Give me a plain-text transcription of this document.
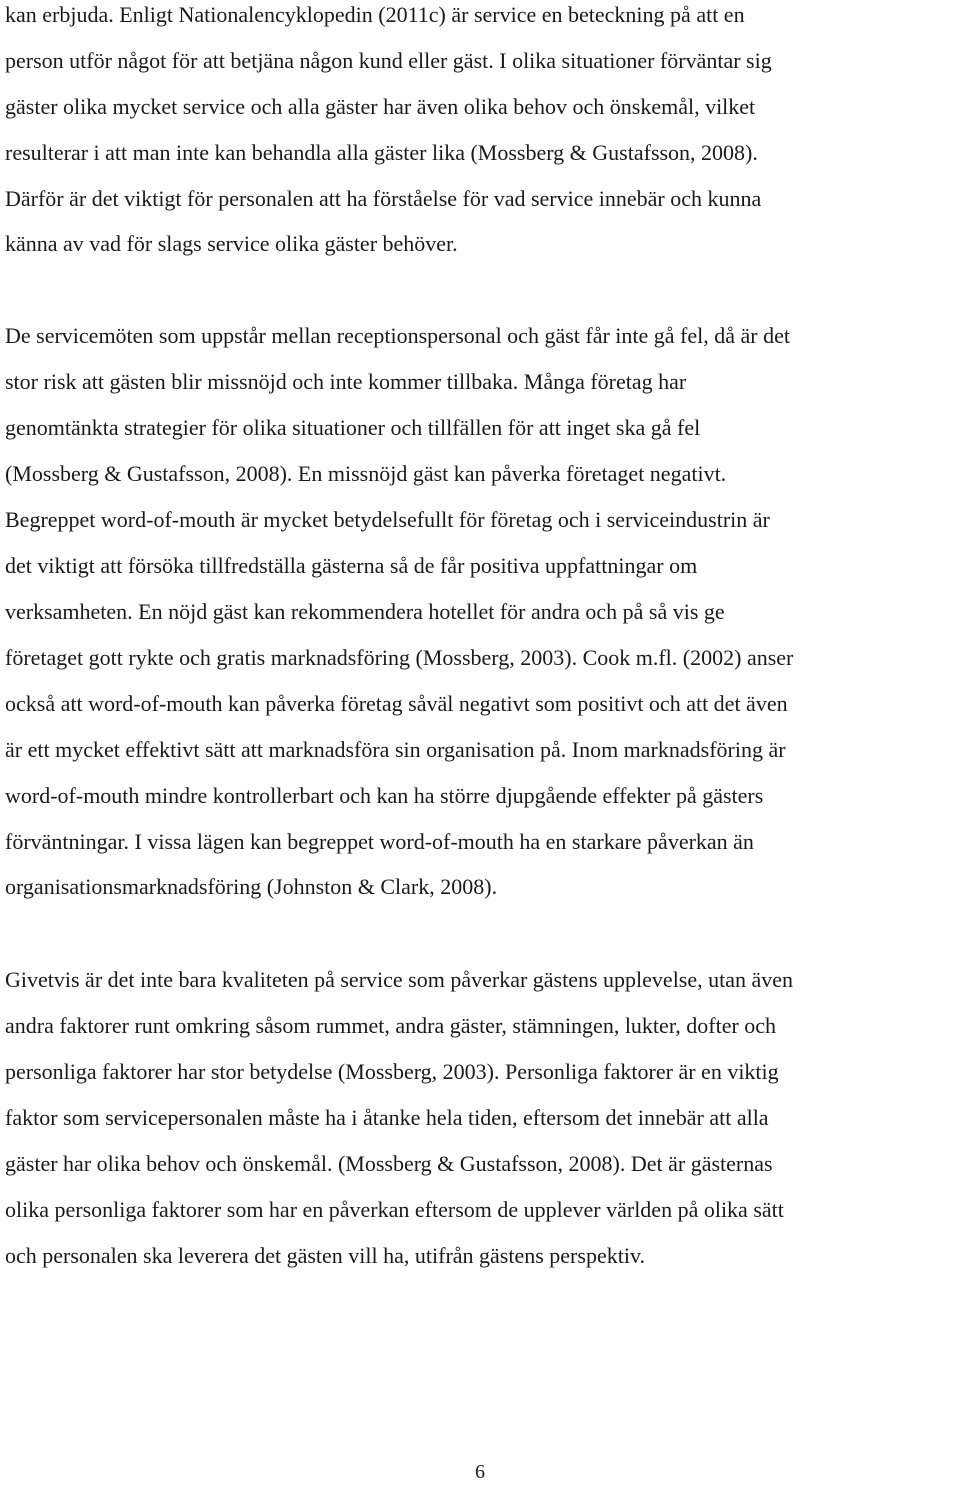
kan erbjuda. Enligt Nationalencyklopedin (2011c) är service en beteckning på att en
person utför något för att betjäna någon kund eller gäst. I olika situationer förväntar sig
gäster olika mycket service och alla gäster har även olika behov och önskemål, vilket
resulterar i att man inte kan behandla alla gäster lika (Mossberg & Gustafsson, 2008).
Därför är det viktigt för personalen att ha förståelse för vad service innebär och kunna
känna av vad för slags service olika gäster behöver.
De servicemöten som uppstår mellan receptionspersonal och gäst får inte gå fel, då är det
stor risk att gästen blir missnöjd och inte kommer tillbaka. Många företag har
genomtänkta strategier för olika situationer och tillfällen för att inget ska gå fel
(Mossberg & Gustafsson, 2008). En missnöjd gäst kan påverka företaget negativt.
Begreppet word-of-mouth är mycket betydelsefullt för företag och i serviceindustrin är
det viktigt att försöka tillfredställa gästerna så de får positiva uppfattningar om
verksamheten. En nöjd gäst kan rekommendera hotellet för andra och på så vis ge
företaget gott rykte och gratis marknadsföring (Mossberg, 2003). Cook m.fl. (2002) anser
också att word-of-mouth kan påverka företag såväl negativt som positivt och att det även
är ett mycket effektivt sätt att marknadsföra sin organisation på. Inom marknadsföring är
word-of-mouth mindre kontrollerbart och kan ha större djupgående effekter på gästers
förväntningar. I vissa lägen kan begreppet word-of-mouth ha en starkare påverkan än
organisationsmarknadsföring (Johnston & Clark, 2008).
Givetvis är det inte bara kvaliteten på service som påverkar gästens upplevelse, utan även
andra faktorer runt omkring såsom rummet, andra gäster, stämningen, lukter, dofter och
personliga faktorer har stor betydelse (Mossberg, 2003). Personliga faktorer är en viktig
faktor som servicepersonalen måste ha i åtanke hela tiden, eftersom det innebär att alla
gäster har olika behov och önskemål. (Mossberg & Gustafsson, 2008). Det är gästernas
olika personliga faktorer som har en påverkan eftersom de upplever världen på olika sätt
och personalen ska leverera det gästen vill ha, utifrån gästens perspektiv.
6
